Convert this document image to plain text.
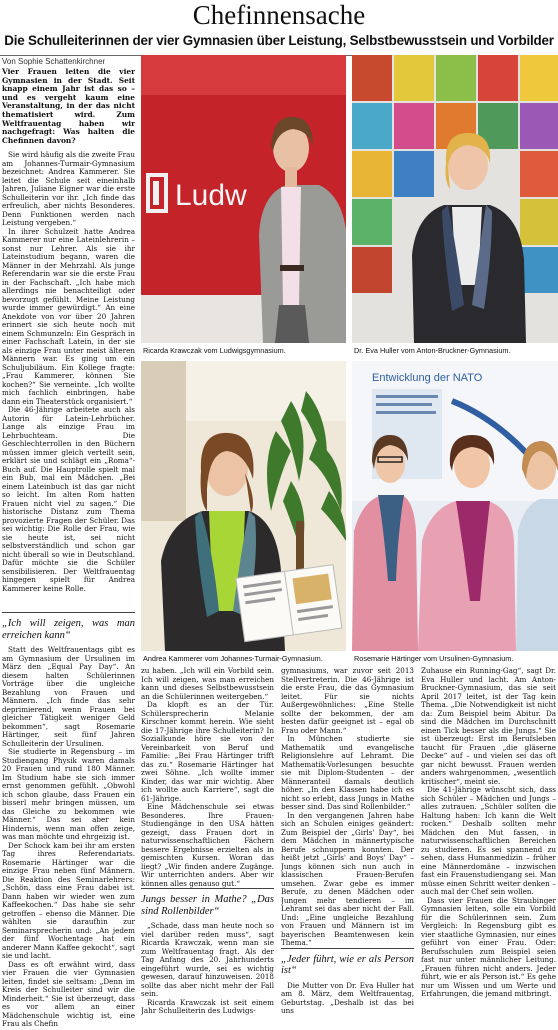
Chefinnensache
Die Schulleiterinnen der vier Gymnasien über Leistung, Selbstbewusstsein und Vorbilder
Von Sophie Schattenkirchner

Vier Frauen leiten die vier Gymnasien in der Stadt. Seit knapp einem Jahr ist das so – und es vergeht kaum eine Veranstaltung, in der das nicht thematisiert wird. Zum Weltfrauentag haben wir nachgefragt: Was halten die Chefinnen davon?

Sie wird häufig als die zweite Frau am Johannes-Turmair-Gymnasium bezeichnet: Andrea Kammerer. Sie leitet die Schule seit eineinhalb Jahren, Juliane Eigner war die erste Schulleiterin vor ihr. „Ich finde das erfreulich, aber nichts Besonderes. Denn Funktionen werden nach Leistung vergeben.“

In ihrer Schulzeit hatte Andrea Kammerer nur eine Lateinlehrerin – sonst nur Lehrer. Als sie ihr Lateinstudium begann, waren die Männer in der Mehrzahl. Als junge Referendarin war sie die erste Frau in der Fachschaft. „Ich habe mich allerdings nie benachteiligt oder bevorzugt gefühlt. Meine Leistung wurde immer gewürdigt.“ An eine Anekdote von vor über 20 Jahren erinnert sie sich heute noch mit einem Schmunzeln: Ein Gespräch in einer Fachschaft Latein, in der sie als einzige Frau unter meist älteren Männern war. Es ging um ein Schuljubiläum. Ein Kollege fragte: „Frau Kammerer, können Sie kochen?“ Sie verneinte. „Ich wollte mich fachlich einbringen, habe dann ein Theaterstück organisiert.“

Die 46-Jährige arbeitete auch als Autorin für Latein-Lehrbücher. Lange als einzige Frau im Lehrbuchteam. Die Geschlechterrollen in den Büchern müssen immer gleich verteilt sein, erklärt sie und schlägt ein „Roma“-Buch auf. Die Hauptrolle spielt mal ein Bub, mal ein Mädchen. „Bei einem Lateinbuch ist das gar nicht so leicht. Im alten Rom hatten Frauen nicht viel zu sagen.“ Die historische Distanz zum Thema provozierte Fragen der Schüler. Das sei wichtig: Die Rolle der Frau, wie sie heute ist, sei nicht selbstverständlich und schon gar nicht überall so wie in Deutschland. Dafür möchte sie die Schüler sensibilisieren. Der Weltfrauentag hingegen spielt für Andrea Kammerer keine Rolle.

„Ich will zeigen, was man erreichen kann“

Statt des Weltfrauentags gibt es am Gymnasium der Ursulinen im März den „Equal Pay Day“. An diesem halten Schülerinnen Vorträge über die ungleiche Bezahlung von Frauen und Männern. „Ich finde das sehr deprimierend, wenn Frauen bei gleicher Tätigkeit weniger Geld bekommen“, sagt Rosemarie Härtinger, seit fünf Jahren Schulleiterin der Ursulinen.

Sie studierte in Regensburg – im Studiengang Physik waren damals 20 Frauen und rund 180 Männer. Im Studium habe sie sich immer ernst genommen gefühlt. „Obwohl ich schon glaube, dass Frauen ein bisserl mehr bringen müssen, um das Gleiche zu bekommen wie Männer.“ Das sei aber kein Hindernis, wenn man offen zeige, was man möchte und ehrgeizig ist.

Der Schock kam bei ihr am ersten Tag ihres Referendariats. Rosemarie Härtinger war die einzige Frau neben fünf Männern. Die Reaktion des Seminarlehrers: „Schön, dass eine Frau dabei ist. Dann haben wir wieder wen zum Kaffeekochen.“ Das habe sie sehr getroffen – ebenso die Männer. Die wählten sie daraufhin zur Seminarsprecherin und: „An jedem der fünf Wochentage hat ein anderer Mann Kaffee gekocht“, sagt sie und lacht.

Dass es oft erwähnt wird, dass vier Frauen die vier Gymnasien leiten, findet sie seltsam: „Denn im Kreis der Schulleiter sind wir die Minderheit.“ Sie ist überzeugt, dass es vor allem an einer Mädchenschule wichtig ist, eine Frau als Chefin

Ludw
Ricarda Krawczak vom Ludwigsgymnasium.	Dr. Eva Huller vom Anton-Bruckner-Gymnasium.
Entwicklung der NATO
Andrea Kammerer vom Johannes-Turmair-Gymnasium.	Rosemarie Härtinger vom Ursulinen-Gymnasium.

zu haben. „Ich will ein Vorbild sein. Ich will zeigen, was man erreichen kann und dieses Selbstbewusstsein an die Schülerinnen weitergeben.“

Da klopft es an der Tür. Schülersprecherin Melanie Kirschner kommt herein. Wie sieht die 17-Jährige ihre Schulleiterin? In Sozialkunde höre sie von der Vereinbarkeit von Beruf und Familie: „Bei Frau Härtinger trifft das zu.“ Rosemarie Härtinger hat zwei Söhne. „Ich wollte immer Kinder, das war mir wichtig. Aber ich wollte auch Karriere“, sagt die 61-Jährige.

Eine Mädchenschule sei etwas Besonderes. Ihre Frauen-Studiengänge in den USA hätten gezeigt, dass Frauen dort in naturwissenschaftlichen Fächern bessere Ergebnisse erzielten als in gemischten Kursen. Woran das liegt? „Wir finden andere Zugänge. Wir unterrichten anders. Aber wir können alles genauso gut.“

Jungs besser in Mathe? „Das sind Rollenbilder“

„Schade, dass man heute noch so viel darüber reden muss“, sagt Ricarda Krawczak, wenn man sie zum Weltfrauentag fragt. Als der Tag Anfang des 20. Jahrhunderts eingeführt wurde, sei es wichtig gewesen, darauf hinzuweisen. 2018 sollte das aber nicht mehr der Fall sein.

Ricarda Krawczak ist seit einem Jahr Schulleiterin des Ludwigs-

gymnasiums, war zuvor seit 2013 Stellvertreterin. Die 46-Jährige ist die erste Frau, die das Gymnasium leitet. Für sie nichts Außergewöhnliches: „Eine Stelle sollte der bekommen, der am besten dafür geeignet ist – egal ob Frau oder Mann.“

In München studierte sie Mathematik und evangelische Religionslehre auf Lehramt. Die Mathematik-Vorlesungen besuchte sie mit Diplom-Studenten – der Männeranteil damals deutlich höher. „In den Klassen habe ich es nicht so erlebt, dass Jungs in Mathe besser sind. Das sind Rollenbilder.“

In den vergangenen Jahren habe sich an Schulen einiges geändert: Zum Beispiel der „Girls' Day“, bei dem Mädchen in männertypische Berufe schnuppern konnten. Der heißt jetzt „Girls' and Boys' Day“ – Jungs können sich nun auch in klassischen Frauen-Berufen umsehen. Zwar gebe es immer Berufe, zu denen Mädchen oder Jungen mehr tendieren – im Lehramt sei das aber nicht der Fall. Und: „Eine ungleiche Bezahlung von Frauen und Männern ist im bayerischen Beamtenwesen kein Thema.“

„Jeder führt, wie er als Person ist“

Die Mutter von Dr. Eva Huller hat am 8. März, dem Weltfrauentag, Geburtstag. „Deshalb ist das bei uns

Zuhause ein Running-Gag“, sagt Dr. Eva Huller und lacht. Am Anton-Bruckner-Gymnasium, das sie seit April 2017 leitet, ist der Tag kein Thema. „Die Notwendigkeit ist nicht da: Zum Beispiel beim Abitur. Da sind die Mädchen im Durchschnitt einen Tick besser als die Jungs.“ Sie ist überzeugt: Erst im Berufsleben taucht für Frauen „die gläserne Decke“ auf – und vielen sei das oft gar nicht bewusst. Frauen werden anders wahrgenommen, „wesentlich kritischer“, meint sie.

Die 41-Jährige wünscht sich, dass sich Schüler – Mädchen und Jungs – alles zutrauen. „Schüler sollten die Haltung haben: Ich kann die Welt rocken.“ Deshalb sollten mehr Mädchen den Mut fassen, in naturwissenschaftlichen Bereichen zu studieren. Es sei spannend zu sehen, dass Humanmedizin – früher eine Männerdomäne – inzwischen fast ein Frauenstudiengang sei. Man müsse einen Schritt weiter denken – auch mal der Chef sein wollen.

Dass vier Frauen die Straubinger Gymnasien leiten, solle ein Vorbild für die Schülerinnen sein. Zum Vergleich: In Regensburg gibt es vier staatliche Gymnasien, nur eines geführt von einer Frau. Oder: Berufsschulen zum Beispiel seien fast nur unter männlicher Leitung. „Frauen führen nicht anders. Jeder führt, wie er als Person ist.“ Es gehe nur um Wissen und um Werte und Erfahrungen, die jemand mitbringt.
